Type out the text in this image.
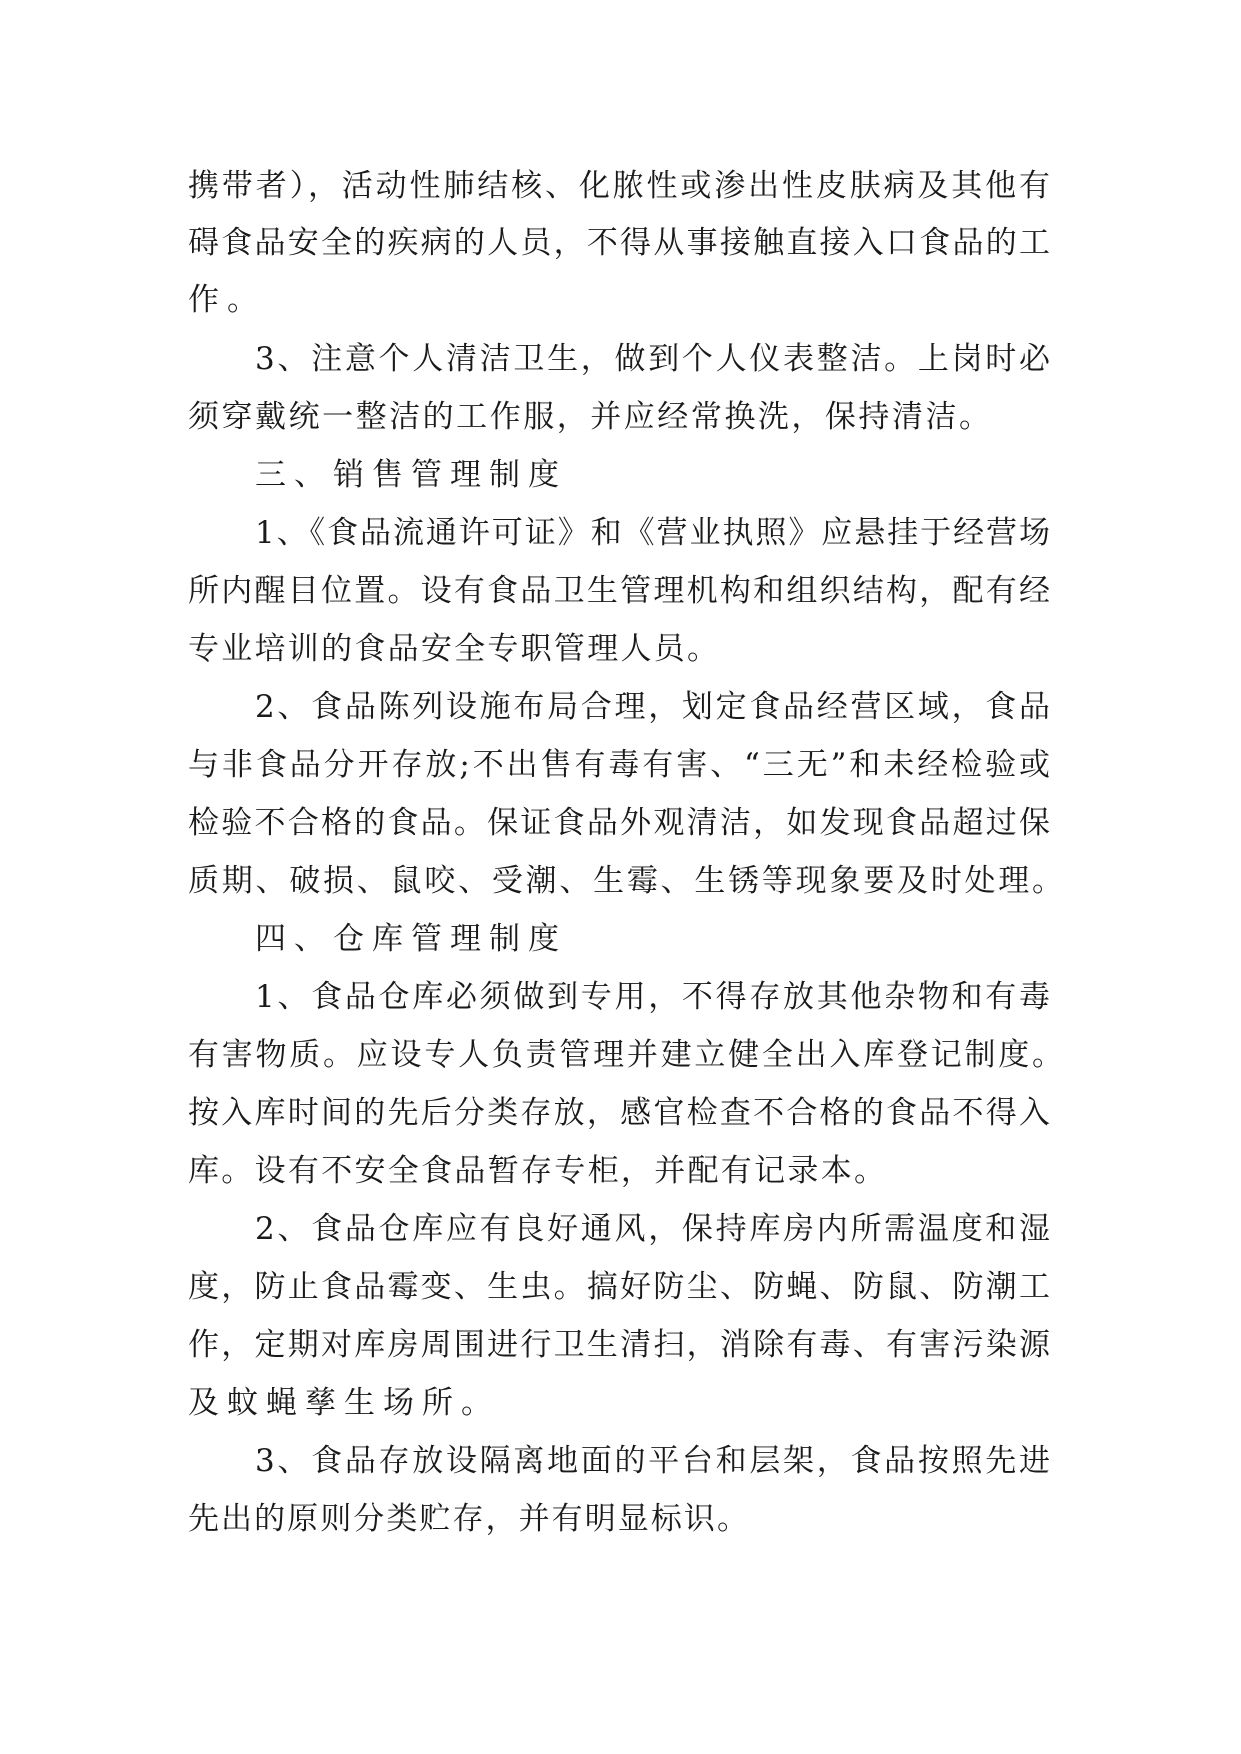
携带者），活动性肺结核、化脓性或渗出性皮肤病及其他有
碍食品安全的疾病的人员，不得从事接触直接入口食品的工
作。
3、注意个人清洁卫生，做到个人仪表整洁。上岗时必
须穿戴统一整洁的工作服，并应经常换洗，保持清洁。
三、销售管理制度
1、《食品流通许可证》和《营业执照》应悬挂于经营场
所内醒目位置。设有食品卫生管理机构和组织结构，配有经
专业培训的食品安全专职管理人员。
2、食品陈列设施布局合理，划定食品经营区域，食品
与非食品分开存放;不出售有毒有害、“三无”和未经检验或
检验不合格的食品。保证食品外观清洁，如发现食品超过保
质期、破损、鼠咬、受潮、生霉、生锈等现象要及时处理。
四、仓库管理制度
1、食品仓库必须做到专用，不得存放其他杂物和有毒
有害物质。应设专人负责管理并建立健全出入库登记制度。
按入库时间的先后分类存放，感官检查不合格的食品不得入
库。设有不安全食品暂存专柜，并配有记录本。
2、食品仓库应有良好通风，保持库房内所需温度和湿
度，防止食品霉变、生虫。搞好防尘、防蝇、防鼠、防潮工
作，定期对库房周围进行卫生清扫，消除有毒、有害污染源
及蚊蝇孳生场所。
3、食品存放设隔离地面的平台和层架，食品按照先进
先出的原则分类贮存，并有明显标识。
